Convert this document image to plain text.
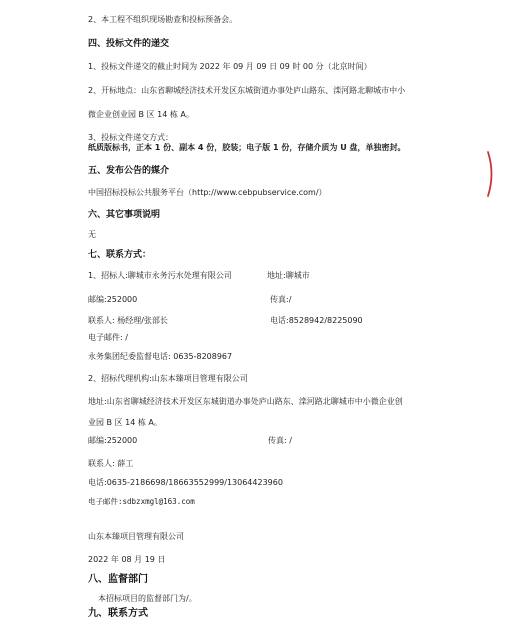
2、本工程不组织现场勘查和投标预备会。
四、投标文件的递交
1、投标文件递交的截止时间为 2022 年 09 月 09 日 09 时 00 分（北京时间）
2、开标地点：山东省聊城经济技术开发区东城街道办事处庐山路东、滦河路北聊城市中小
微企业创业园 B 区 14 栋 A。
3、投标文件递交方式：
纸质版标书，正本 1 份、副本 4 份，胶装；电子版 1 份，存储介质为 U 盘，单独密封。
五、发布公告的媒介
中国招标投标公共服务平台（http://www.cebpubservice.com/）
六、其它事项说明
无
七、联系方式：
1、招标人:聊城市永务污水处理有限公司	地址:聊城市
邮编:252000	传真:/
联系人: 杨经理/张部长	电话:8528942/8225090
电子邮件: /
永务集团纪委监督电话: 0635-8208967
2、招标代理机构:山东本臻项目管理有限公司
地址:山东省聊城经济技术开发区东城街道办事处庐山路东、滦河路北聊城市中小微企业创
业园 B 区 14 栋 A。
邮编:252000	传真: /
联系人: 薛工
电话:0635-2186698/18663552999/13064423960
电子邮件:sdbzxmgl@163.com
山东本臻项目管理有限公司
2022 年 08 月 19 日
八、监督部门
本招标项目的监督部门为/。
九、联系方式
